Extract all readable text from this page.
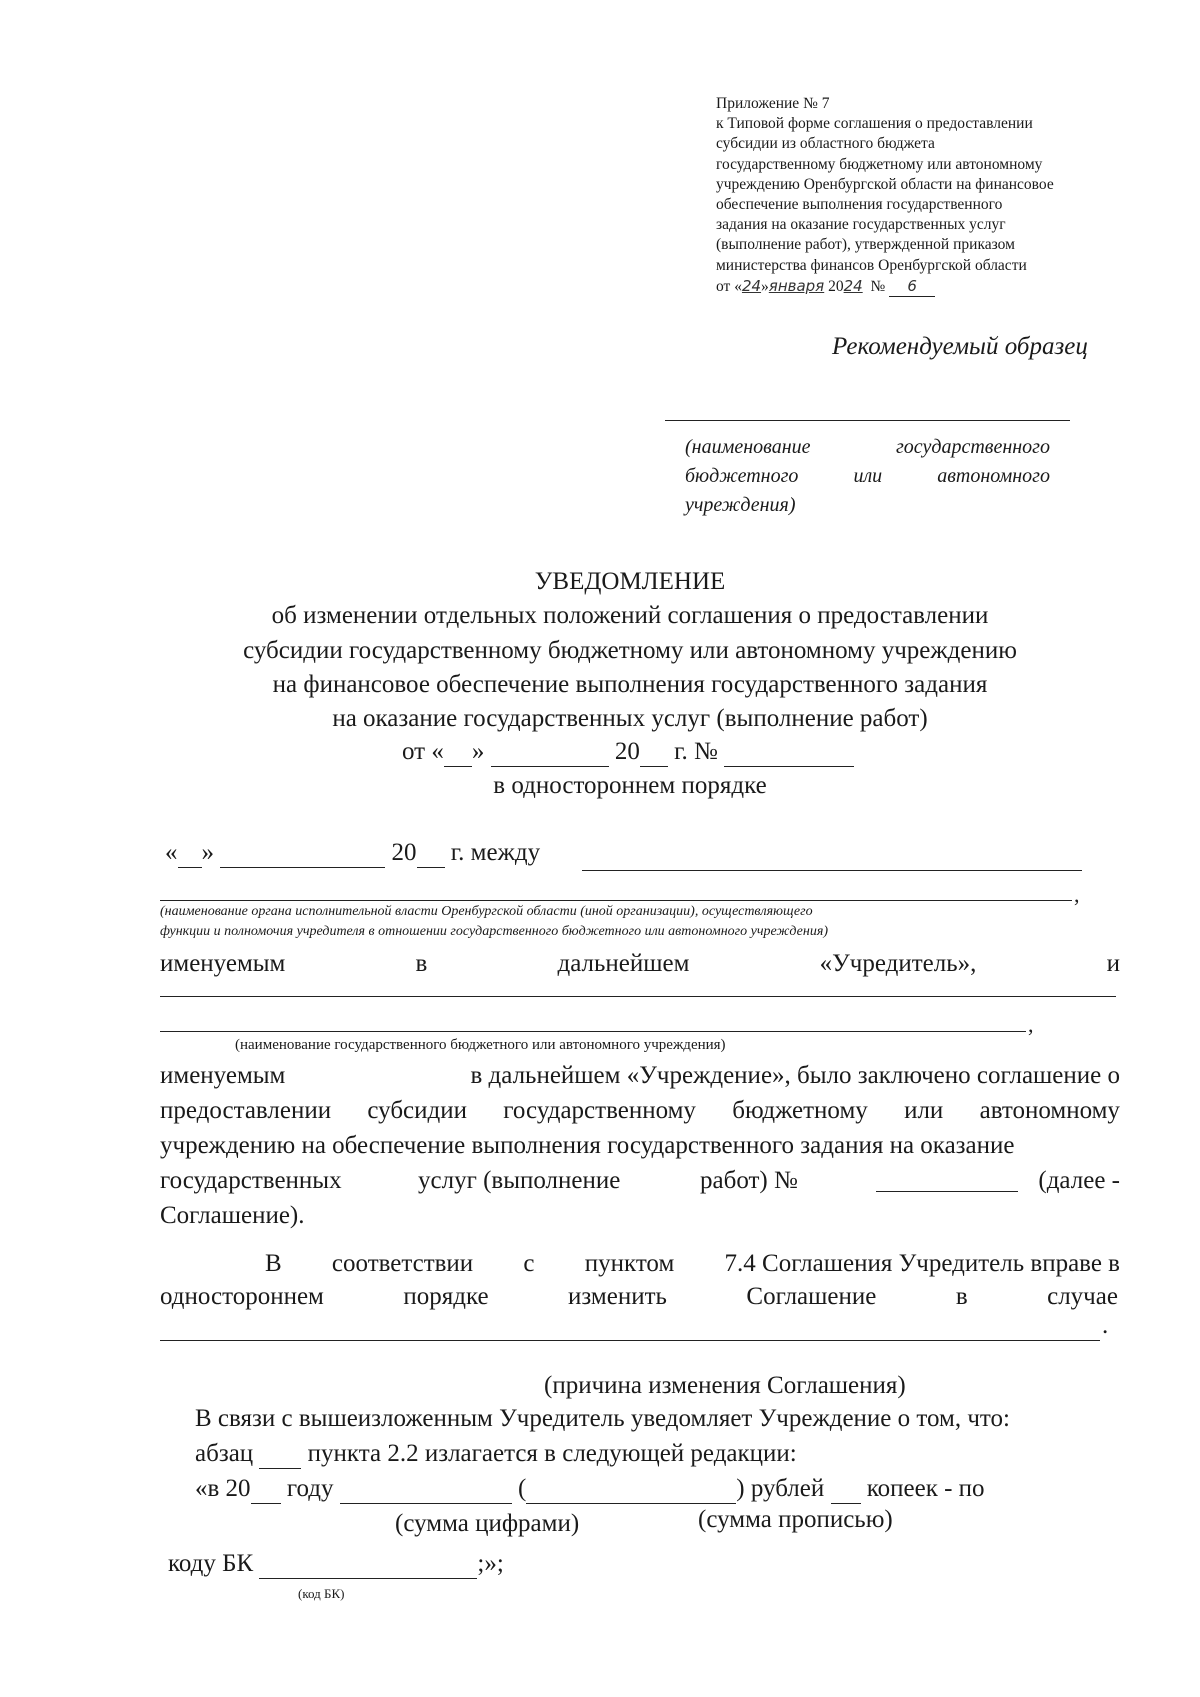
Приложение № 7
к Типовой форме соглашения о предоставлении
субсидии из областного бюджета
государственному бюджетному или автономному
учреждению Оренбургской области на финансовое
обеспечение выполнения государственного
задания на оказание государственных услуг
(выполнение работ), утвержденной приказом
министерства финансов Оренбургской области
от «24»января 2024 № 6
Рекомендуемый образец
(наименование	государственного
бюджетного	или	автономного
учреждения)
УВЕДОМЛЕНИЕ
об изменении отдельных положений соглашения о предоставлении
субсидии государственному бюджетному или автономному учреждению
на финансовое обеспечение выполнения государственного задания
на оказание государственных услуг (выполнение работ)
от « »	20 г. №
в одностороннем порядке
« »	20 г. между
,
(наименование органа исполнительной власти Оренбургской области (иной организации), осуществляющего
функции и полномочия учредителя в отношении государственного бюджетного или автономного учреждения)
именуемым	в	дальнейшем	«Учредитель»,	и
,
(наименование государственного бюджетного или автономного учреждения)
именуемым	в дальнейшем «Учреждение», было заключено соглашение о
предоставлении субсидии государственному бюджетному или автономному
учреждению на обеспечение выполнения государственного задания на оказание
государственных	услуг (выполнение	работ) №	(далее -
Соглашение).
В соответствии с пунктом 7.4 Соглашения Учредитель вправе в
одностороннем	порядке	изменить	Соглашение	в	случае
.
(причина изменения Соглашения)
В связи с вышеизложенным Учредитель уведомляет Учреждение о том, что:
абзац пункта 2.2 излагается в следующей редакции:
«в 20 году	(	) рублей копеек - по
(сумма цифрами)	(сумма прописью)
коду БК	;»;
(код БК)
